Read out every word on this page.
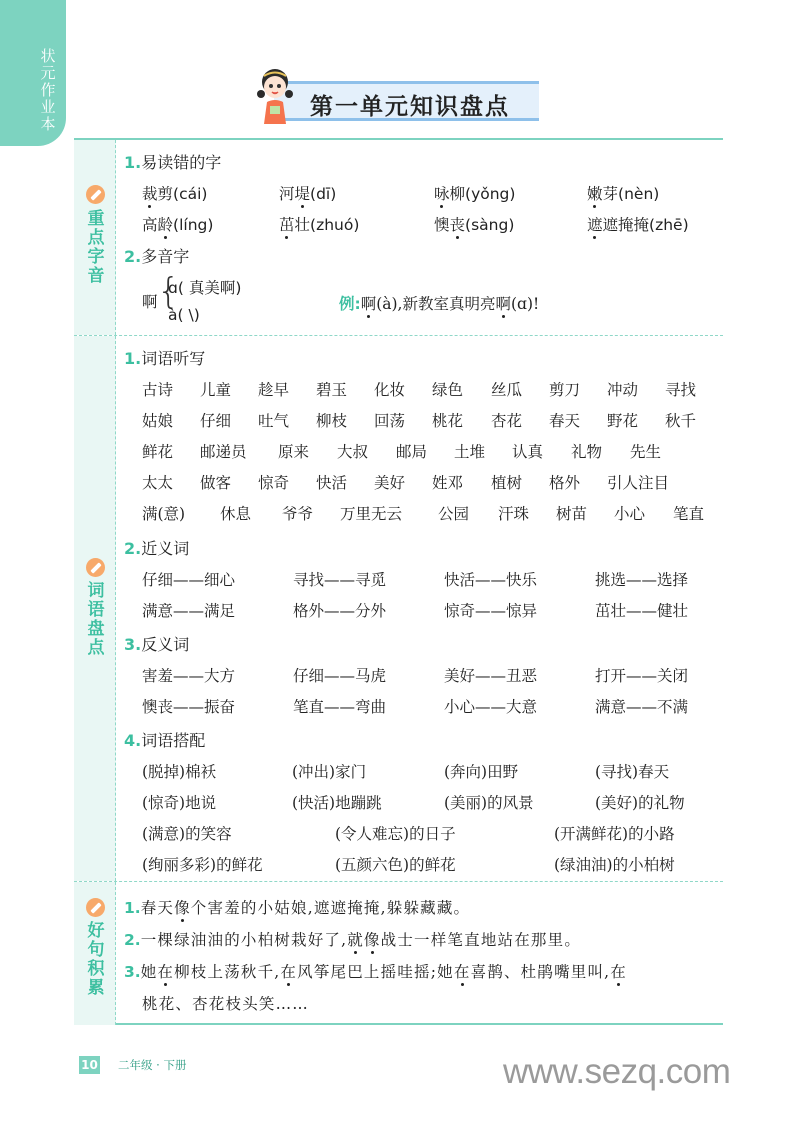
状元作业本
第一单元知识盘点
重点字音
1.易读错的字
裁剪(cái)	河堤(dī)	咏柳(yǒng)	嫩芽(nèn)
高龄(líng)	茁壮(zhuó)	懊丧(sàng)	遮遮掩掩(zhē)
2.多音字
啊 {
ɑ( 真美啊)
à( \)
例:啊(à),新教室真明亮啊(ɑ)!
词语盘点
1.词语听写
古诗 儿童 趁早 碧玉 化妆 绿色 丝瓜 剪刀 冲动 寻找
姑娘 仔细 吐气 柳枝 回荡 桃花 杏花 春天 野花 秋千
鲜花 邮递员 原来 大叔 邮局 土堆 认真 礼物 先生
太太 做客 惊奇 快活 美好 姓邓 植树 格外 引人注目
满(意) 休息 爷爷 万里无云 公园 汗珠 树苗 小心 笔直
2.近义词
仔细——细心	寻找——寻觅	快活——快乐	挑选——选择
满意——满足	格外——分外	惊奇——惊异	茁壮——健壮
3.反义词
害羞——大方	仔细——马虎	美好——丑恶	打开——关闭
懊丧——振奋	笔直——弯曲	小心——大意	满意——不满
4.词语搭配
(脱掉)棉袄	(冲出)家门	(奔向)田野	(寻找)春天
(惊奇)地说	(快活)地蹦跳	(美丽)的风景	(美好)的礼物
(满意)的笑容	(令人难忘)的日子	(开满鲜花)的小路
(绚丽多彩)的鲜花	(五颜六色)的鲜花	(绿油油)的小柏树
好句积累
1.春天像个害羞的小姑娘,遮遮掩掩,躲躲藏藏。
2.一棵绿油油的小柏树栽好了,就像战士一样笔直地站在那里。
3.她在柳枝上荡秋千,在风筝尾巴上摇哇摇;她在喜鹊、杜鹃嘴里叫,在
桃花、杏花枝头笑……
10 二年级 · 下册	www.sezq.com
